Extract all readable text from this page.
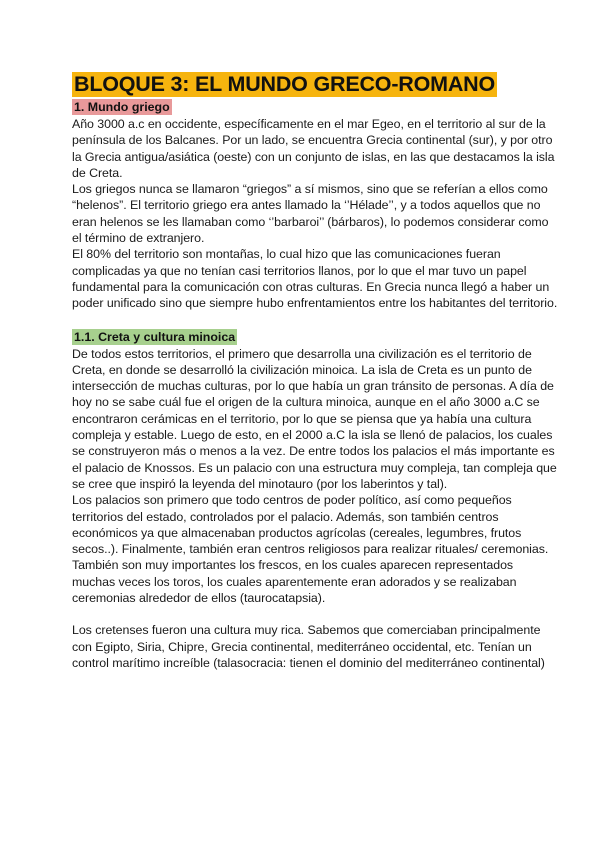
BLOQUE 3: EL MUNDO GRECO-ROMANO
1. Mundo griego

Año 3000 a.c en occidente, específicamente en el mar Egeo, en el territorio al sur de la península de los Balcanes. Por un lado, se encuentra Grecia continental (sur), y por otro la Grecia antigua/asiática (oeste) con un conjunto de islas, en las que destacamos la isla de Creta.

Los griegos nunca se llamaron “griegos” a sí mismos, sino que se referían a ellos como “helenos”. El territorio griego era antes llamado la ‘’Hélade’’, y a todos aquellos que no eran helenos se les llamaban como ‘’barbaroi’’ (bárbaros), lo podemos considerar como el término de extranjero.

El 80% del territorio son montañas, lo cual hizo que las comunicaciones fueran complicadas ya que no tenían casi territorios llanos, por lo que el mar tuvo un papel fundamental para la comunicación con otras culturas. En Grecia nunca llegó a haber un poder unificado sino que siempre hubo enfrentamientos entre los habitantes del territorio.

1.1. Creta y cultura minoica

De todos estos territorios, el primero que desarrolla una civilización es el territorio de Creta, en donde se desarrolló la civilización minoica. La isla de Creta es un punto de intersección de muchas culturas, por lo que había un gran tránsito de personas. A día de hoy no se sabe cuál fue el origen de la cultura minoica, aunque en el año 3000 a.C se encontraron cerámicas en el territorio, por lo que se piensa que ya había una cultura compleja y estable. Luego de esto, en el 2000 a.C la isla se llenó de palacios, los cuales se construyeron más o menos a la vez. De entre todos los palacios el más importante es el palacio de Knossos. Es un palacio con una estructura muy compleja, tan compleja que se cree que inspiró la leyenda del minotauro (por los laberintos y tal).

Los palacios son primero que todo centros de poder político, así como pequeños territorios del estado, controlados por el palacio. Además, son también centros económicos ya que almacenaban productos agrícolas (cereales, legumbres, frutos secos..). Finalmente, también eran centros religiosos para realizar rituales/ ceremonias.

También son muy importantes los frescos, en los cuales aparecen representados muchas veces los toros, los cuales aparentemente eran adorados y se realizaban ceremonias alrededor de ellos (taurocatapsia).

Los cretenses fueron una cultura muy rica. Sabemos que comerciaban principalmente con Egipto, Siria, Chipre, Grecia continental, mediterráneo occidental, etc. Tenían un control marítimo increíble (talasocracia: tienen el dominio del mediterráneo continental)
